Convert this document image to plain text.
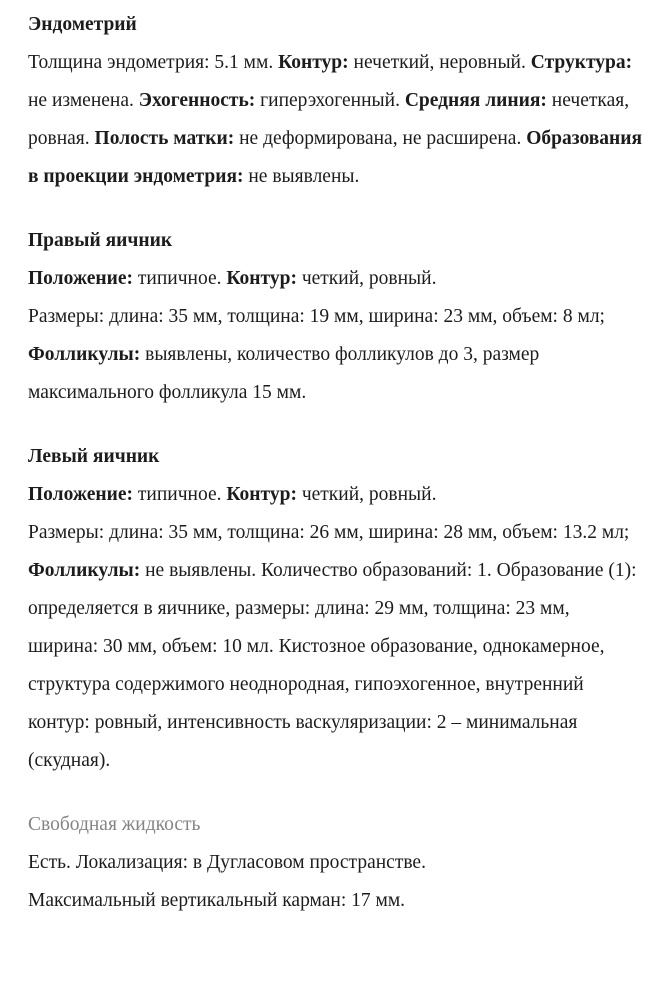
Эндометрий

Толщина эндометрия: 5.1 мм. Контур: нечеткий, неровный. Структура: не изменена. Эхогенность: гиперэхогенный. Средняя линия: нечеткая, ровная. Полость матки: не деформирована, не расширена. Образования в проекции эндометрия: не выявлены.

Правый яичник

Положение: типичное. Контур: четкий, ровный.

Размеры: длина: 35 мм, толщина: 19 мм, ширина: 23 мм, объем: 8 мл; Фолликулы: выявлены, количество фолликулов до 3, размер максимального фолликула 15 мм.

Левый яичник

Положение: типичное. Контур: четкий, ровный.

Размеры: длина: 35 мм, толщина: 26 мм, ширина: 28 мм, объем: 13.2 мл; Фолликулы: не выявлены. Количество образований: 1. Образование (1): определяется в яичнике, размеры: длина: 29 мм, толщина: 23 мм, ширина: 30 мм, объем: 10 мл. Кистозное образование, однокамерное, структура содержимого неоднородная, гипоэхогенное, внутренний контур: ровный, интенсивность васкуляризации: 2 – минимальная (скудная).

Свободная жидкость

Есть. Локализация: в Дугласовом пространстве.

Максимальный вертикальный карман: 17 мм.
